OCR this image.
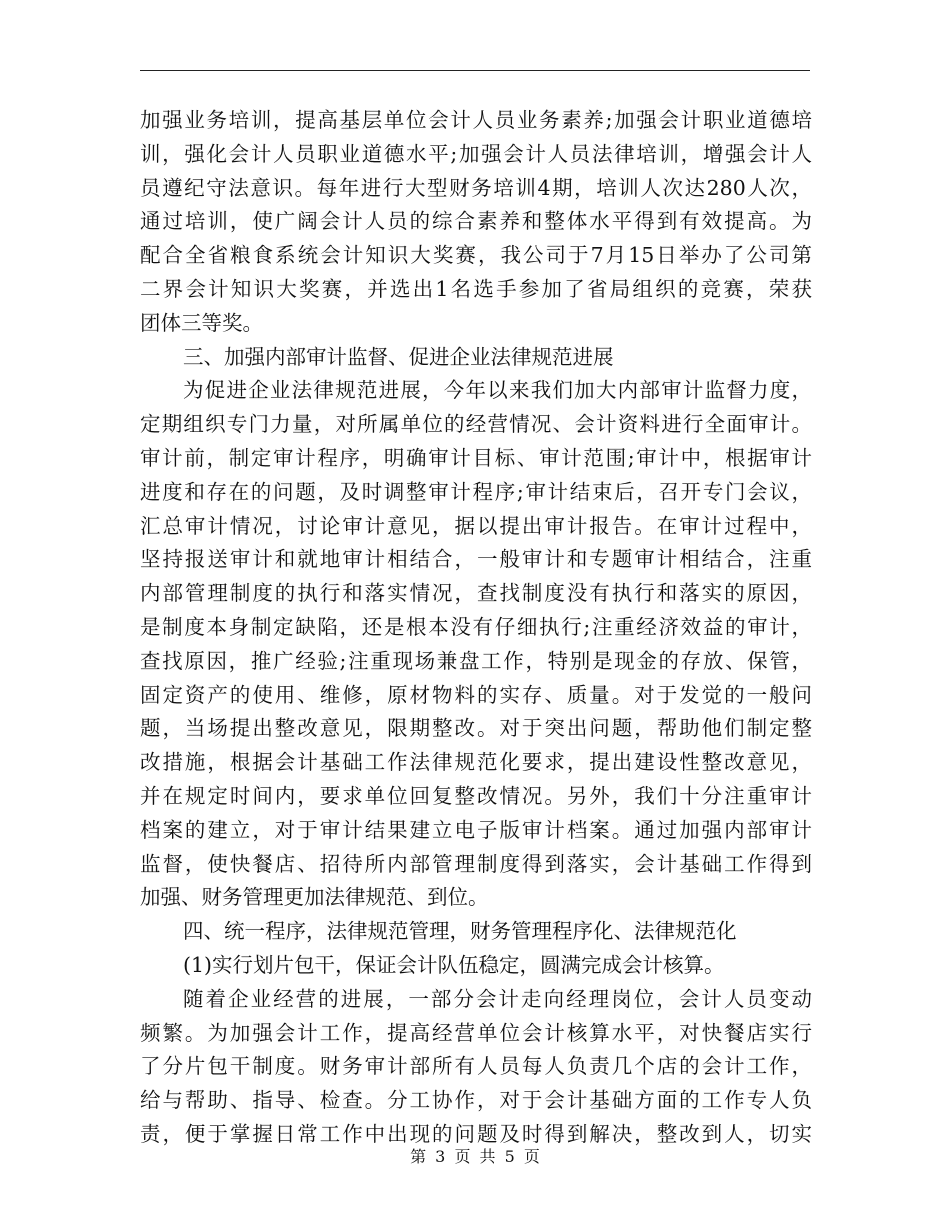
加强业务培训，提高基层单位会计人员业务素养;加强会计职业道德培
训，强化会计人员职业道德水平;加强会计人员法律培训，增强会计人
员遵纪守法意识。每年进行大型财务培训4期，培训人次达280人次，
通过培训，使广阔会计人员的综合素养和整体水平得到有效提高。为
配合全省粮食系统会计知识大奖赛，我公司于7月15日举办了公司第
二界会计知识大奖赛，并选出1名选手参加了省局组织的竞赛，荣获
团体三等奖。
三、加强内部审计监督、促进企业法律规范进展
为促进企业法律规范进展，今年以来我们加大内部审计监督力度，
定期组织专门力量，对所属单位的经营情况、会计资料进行全面审计。
审计前，制定审计程序，明确审计目标、审计范围;审计中，根据审计
进度和存在的问题，及时调整审计程序;审计结束后，召开专门会议，
汇总审计情况，讨论审计意见，据以提出审计报告。在审计过程中，
坚持报送审计和就地审计相结合，一般审计和专题审计相结合，注重
内部管理制度的执行和落实情况，查找制度没有执行和落实的原因，
是制度本身制定缺陷，还是根本没有仔细执行;注重经济效益的审计，
查找原因，推广经验;注重现场兼盘工作，特别是现金的存放、保管，
固定资产的使用、维修，原材物料的实存、质量。对于发觉的一般问
题，当场提出整改意见，限期整改。对于突出问题，帮助他们制定整
改措施，根据会计基础工作法律规范化要求，提出建设性整改意见，
并在规定时间内，要求单位回复整改情况。另外，我们十分注重审计
档案的建立，对于审计结果建立电子版审计档案。通过加强内部审计
监督，使快餐店、招待所内部管理制度得到落实，会计基础工作得到
加强、财务管理更加法律规范、到位。
四、统一程序，法律规范管理，财务管理程序化、法律规范化
(1)实行划片包干，保证会计队伍稳定，圆满完成会计核算。
随着企业经营的进展，一部分会计走向经理岗位，会计人员变动
频繁。为加强会计工作，提高经营单位会计核算水平，对快餐店实行
了分片包干制度。财务审计部所有人员每人负责几个店的会计工作，
给与帮助、指导、检查。分工协作，对于会计基础方面的工作专人负
责，便于掌握日常工作中出现的问题及时得到解决，整改到人，切实
第 3 页 共 5 页
